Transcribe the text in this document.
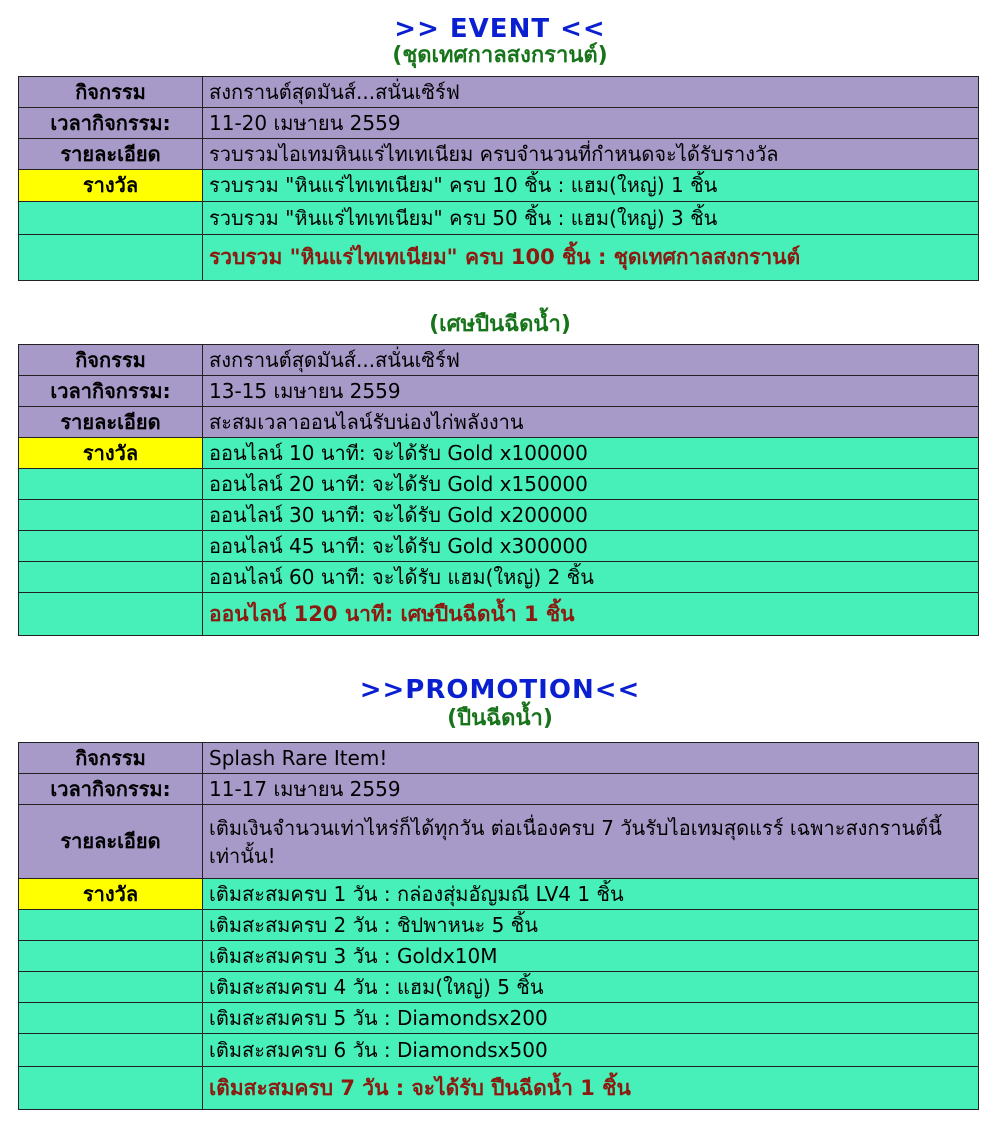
>> EVENT <<
(ชุดเทศกาลสงกรานต์)
กิจกรรม	สงกรานต์สุดมันส์...สนั่นเซิร์ฟ
เวลากิจกรรม:	11-20 เมษายน 2559
รายละเอียด	รวบรวมไอเทมหินแร่ไทเทเนียม ครบจำนวนที่กำหนดจะได้รับรางวัล
รางวัล	รวบรวม "หินแร่ไทเทเนียม" ครบ 10 ชิ้น : แฮม(ใหญ่) 1 ชิ้น
	รวบรวม "หินแร่ไทเทเนียม" ครบ 50 ชิ้น : แฮม(ใหญ่) 3 ชิ้น
	รวบรวม "หินแร่ไทเทเนียม" ครบ 100 ชิ้น : ชุดเทศกาลสงกรานต์
(เศษปืนฉีดน้ำ)
กิจกรรม	สงกรานต์สุดมันส์...สนั่นเซิร์ฟ
เวลากิจกรรม:	13-15 เมษายน 2559
รายละเอียด	สะสมเวลาออนไลน์รับน่องไก่พลังงาน
รางวัล	ออนไลน์ 10 นาที: จะได้รับ Gold x100000
	ออนไลน์ 20 นาที: จะได้รับ Gold x150000
	ออนไลน์ 30 นาที: จะได้รับ Gold x200000
	ออนไลน์ 45 นาที: จะได้รับ Gold x300000
	ออนไลน์ 60 นาที: จะได้รับ แฮม(ใหญ่) 2 ชิ้น
	ออนไลน์ 120 นาที: เศษปืนฉีดน้ำ 1 ชิ้น
>>PROMOTION<<
(ปืนฉีดน้ำ)
กิจกรรม	Splash Rare Item!
เวลากิจกรรม:	11-17 เมษายน 2559
รายละเอียด	เติมเงินจำนวนเท่าไหร่ก็ได้ทุกวัน ต่อเนื่องครบ 7 วันรับไอเทมสุดแรร์ เฉพาะสงกรานต์นี้เท่านั้น!
รางวัล	เติมสะสมครบ 1 วัน : กล่องสุ่มอัญมณี LV4 1 ชิ้น
	เติมสะสมครบ 2 วัน : ชิปพาหนะ 5 ชิ้น
	เติมสะสมครบ 3 วัน : Goldx10M
	เติมสะสมครบ 4 วัน : แฮม(ใหญ่) 5 ชิ้น
	เติมสะสมครบ 5 วัน : Diamondsx200
	เติมสะสมครบ 6 วัน : Diamondsx500
	เติมสะสมครบ 7 วัน : จะได้รับ ปืนฉีดน้ำ 1 ชิ้น
